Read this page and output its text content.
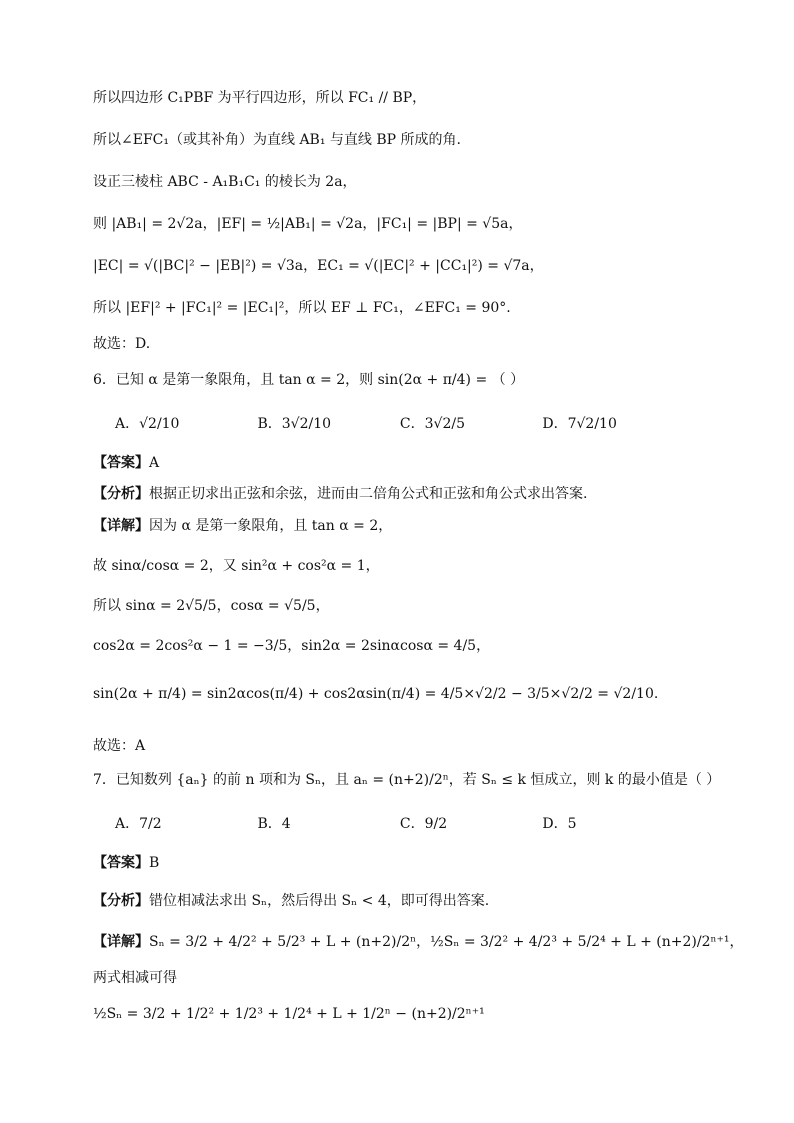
所以四边形 C₁PBF 为平行四边形，所以 FC₁ // BP，
所以∠EFC₁（或其补角）为直线 AB₁ 与直线 BP 所成的角.
设正三棱柱 ABC - A₁B₁C₁ 的棱长为 2a，
则 |AB₁| = 2√2a，|EF| = ½|AB₁| = √2a，|FC₁| = |BP| = √5a，
|EC| = √(|BC|² − |EB|²) = √3a，EC₁ = √(|EC|² + |CC₁|²) = √7a，
所以 |EF|² + |FC₁|² = |EC₁|²，所以 EF ⊥ FC₁，∠EFC₁ = 90°.
故选：D.
6．已知 α 是第一象限角，且 tan α = 2，则 sin(2α + π/4) = （ ）
A．√2/10	B．3√2/10	C．3√2/5	D．7√2/10
【答案】A
【分析】根据正切求出正弦和余弦，进而由二倍角公式和正弦和角公式求出答案.
【详解】因为 α 是第一象限角，且 tan α = 2，
故 sinα/cosα = 2，又 sin²α + cos²α = 1，
所以 sinα = 2√5/5，cosα = √5/5，
cos2α = 2cos²α − 1 = −3/5，sin2α = 2sinαcosα = 4/5，
sin(2α + π/4) = sin2αcos(π/4) + cos2αsin(π/4) = 4/5×√2/2 − 3/5×√2/2 = √2/10.
故选：A
7．已知数列 {aₙ} 的前 n 项和为 Sₙ，且 aₙ = (n+2)/2ⁿ，若 Sₙ ≤ k 恒成立，则 k 的最小值是（ ）
A．7/2	B．4	C．9/2	D．5
【答案】B
【分析】错位相减法求出 Sₙ，然后得出 Sₙ < 4，即可得出答案.
【详解】Sₙ = 3/2 + 4/2² + 5/2³ + L + (n+2)/2ⁿ，½Sₙ = 3/2² + 4/2³ + 5/2⁴ + L + (n+2)/2ⁿ⁺¹，
两式相减可得
½Sₙ = 3/2 + 1/2² + 1/2³ + 1/2⁴ + L + 1/2ⁿ − (n+2)/2ⁿ⁺¹
